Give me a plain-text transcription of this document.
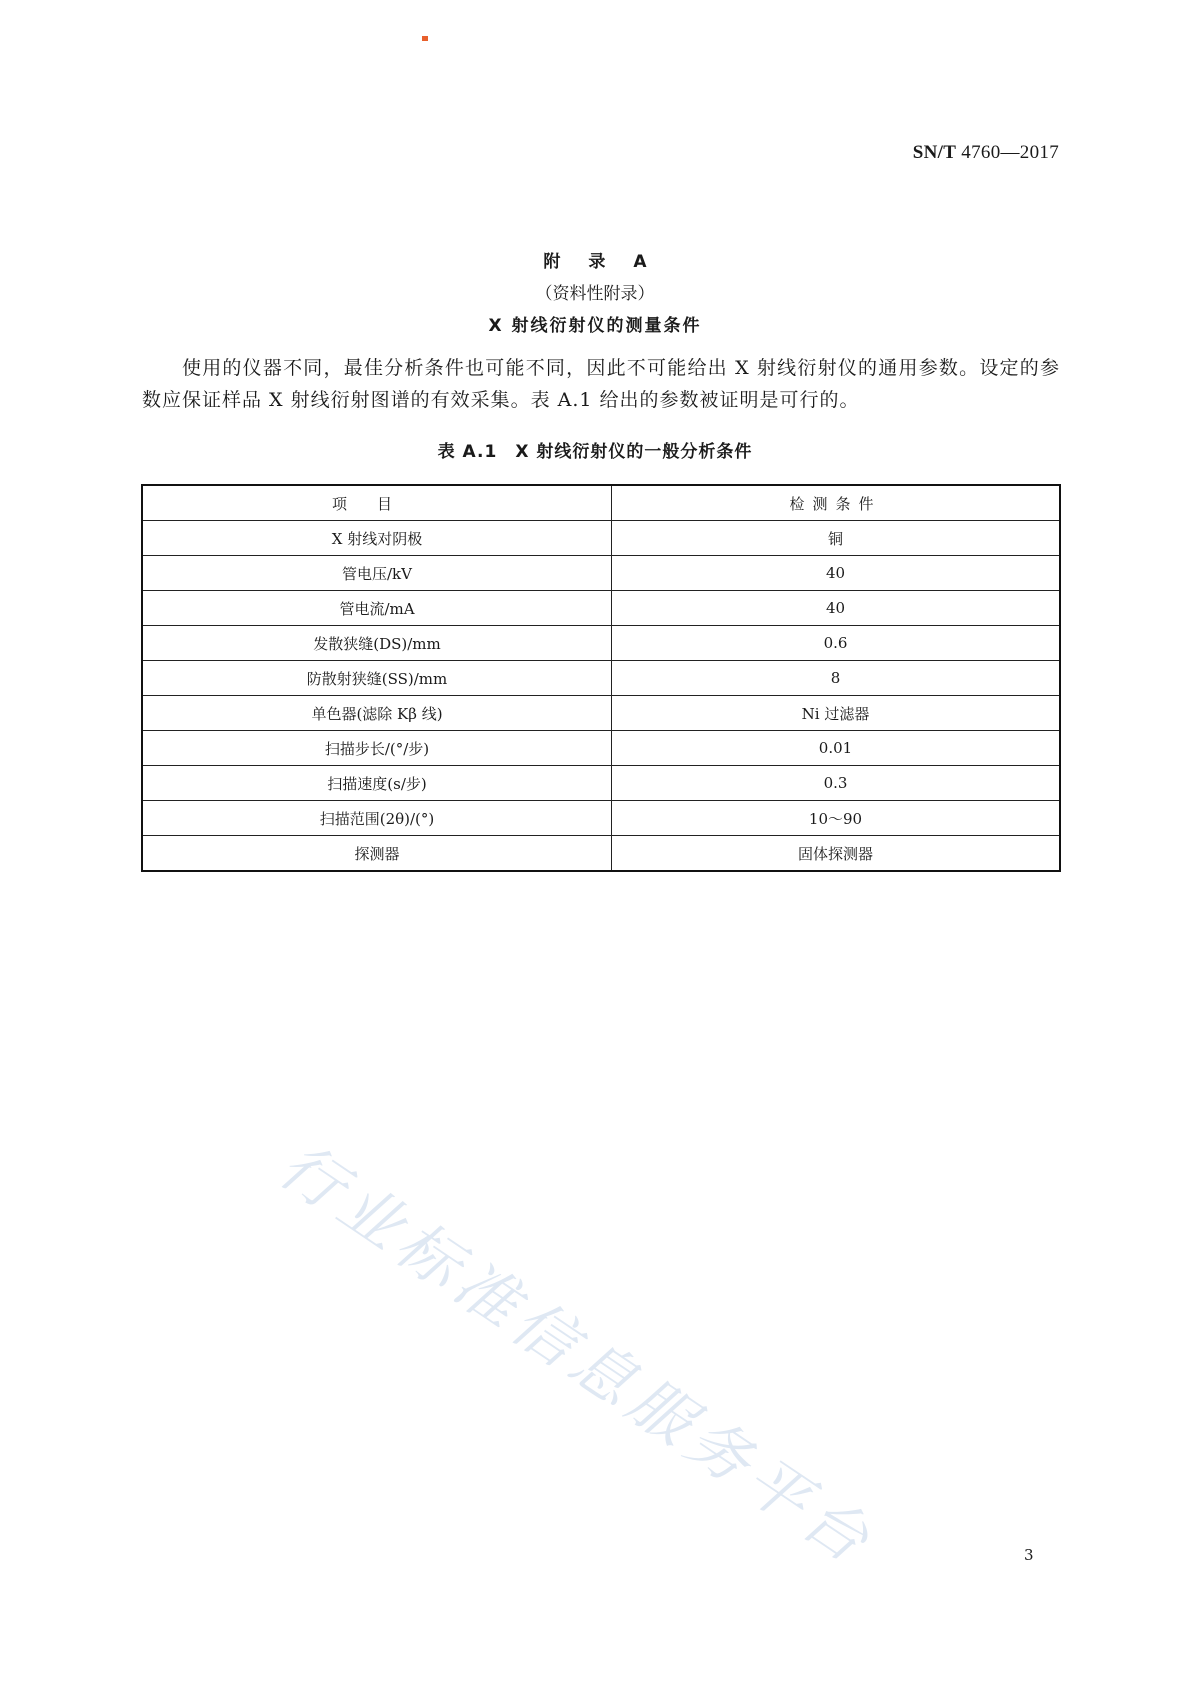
SN/T 4760—2017
附 录 A
（资料性附录）
X 射线衍射仪的测量条件

使用的仪器不同，最佳分析条件也可能不同，因此不可能给出 X 射线衍射仪的通用参数。设定的参数应保证样品 X 射线衍射图谱的有效采集。表 A.1 给出的参数被证明是可行的。

表 A.1　X 射线衍射仪的一般分析条件
项目	检测条件
X 射线对阴极	铜
管电压/kV	40
管电流/mA	40
发散狭缝(DS)/mm	0.6
防散射狭缝(SS)/mm	8
单色器(滤除 Kβ 线)	Ni 过滤器
扫描步长/(°/步)	0.01
扫描速度(s/步)	0.3
扫描范围(2θ)/(°)	10～90
探测器	固体探测器
行业标准信息服务平台	3
